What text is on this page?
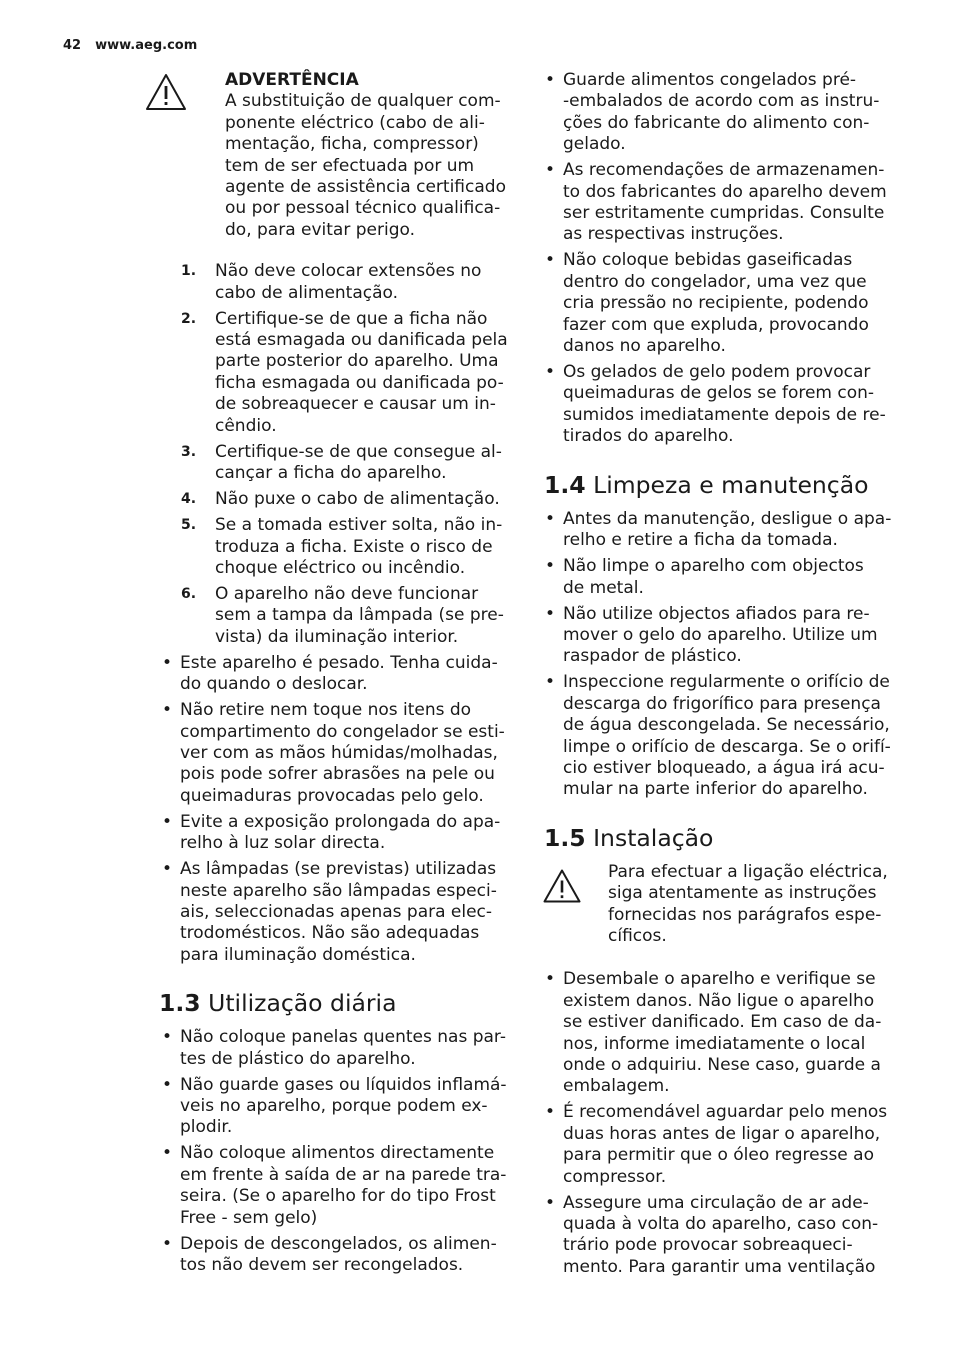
42 www.aeg.com
ADVERTÊNCIA
A substituição de qualquer com-
ponente eléctrico (cabo de ali-
mentação, ficha, compressor)
tem de ser efectuada por um
agente de assistência certificado
ou por pessoal técnico qualifica-
do, para evitar perigo.
1. Não deve colocar extensões no
cabo de alimentação.
2. Certifique-se de que a ficha não
está esmagada ou danificada pela
parte posterior do aparelho. Uma
ficha esmagada ou danificada po-
de sobreaquecer e causar um in-
cêndio.
3. Certifique-se de que consegue al-
cançar a ficha do aparelho.
4. Não puxe o cabo de alimentação.
5. Se a tomada estiver solta, não in-
troduza a ficha. Existe o risco de
choque eléctrico ou incêndio.
6. O aparelho não deve funcionar
sem a tampa da lâmpada (se pre-
vista) da iluminação interior.
• Este aparelho é pesado. Tenha cuida-
do quando o deslocar.
• Não retire nem toque nos itens do
compartimento do congelador se esti-
ver com as mãos húmidas/molhadas,
pois pode sofrer abrasões na pele ou
queimaduras provocadas pelo gelo.
• Evite a exposição prolongada do apa-
relho à luz solar directa.
• As lâmpadas (se previstas) utilizadas
neste aparelho são lâmpadas especi-
ais, seleccionadas apenas para elec-
trodomésticos. Não são adequadas
para iluminação doméstica.
1.3 Utilização diária
• Não coloque panelas quentes nas par-
tes de plástico do aparelho.
• Não guarde gases ou líquidos inflamá-
veis no aparelho, porque podem ex-
plodir.
• Não coloque alimentos directamente
em frente à saída de ar na parede tra-
seira. (Se o aparelho for do tipo Frost
Free - sem gelo)
• Depois de descongelados, os alimen-
tos não devem ser recongelados.
• Guarde alimentos congelados pré-
-embalados de acordo com as instru-
ções do fabricante do alimento con-
gelado.
• As recomendações de armazenamen-
to dos fabricantes do aparelho devem
ser estritamente cumpridas. Consulte
as respectivas instruções.
• Não coloque bebidas gaseificadas
dentro do congelador, uma vez que
cria pressão no recipiente, podendo
fazer com que expluda, provocando
danos no aparelho.
• Os gelados de gelo podem provocar
queimaduras de gelos se forem con-
sumidos imediatamente depois de re-
tirados do aparelho.
1.4 Limpeza e manutenção
• Antes da manutenção, desligue o apa-
relho e retire a ficha da tomada.
• Não limpe o aparelho com objectos
de metal.
• Não utilize objectos afiados para re-
mover o gelo do aparelho. Utilize um
raspador de plástico.
• Inspeccione regularmente o orifício de
descarga do frigorífico para presença
de água descongelada. Se necessário,
limpe o orifício de descarga. Se o orifí-
cio estiver bloqueado, a água irá acu-
mular na parte inferior do aparelho.
1.5 Instalação
Para efectuar a ligação eléctrica,
siga atentamente as instruções
fornecidas nos parágrafos espe-
cíficos.
• Desembale o aparelho e verifique se
existem danos. Não ligue o aparelho
se estiver danificado. Em caso de da-
nos, informe imediatamente o local
onde o adquiriu. Nese caso, guarde a
embalagem.
• É recomendável aguardar pelo menos
duas horas antes de ligar o aparelho,
para permitir que o óleo regresse ao
compressor.
• Assegure uma circulação de ar ade-
quada à volta do aparelho, caso con-
trário pode provocar sobreaqueci-
mento. Para garantir uma ventilação
